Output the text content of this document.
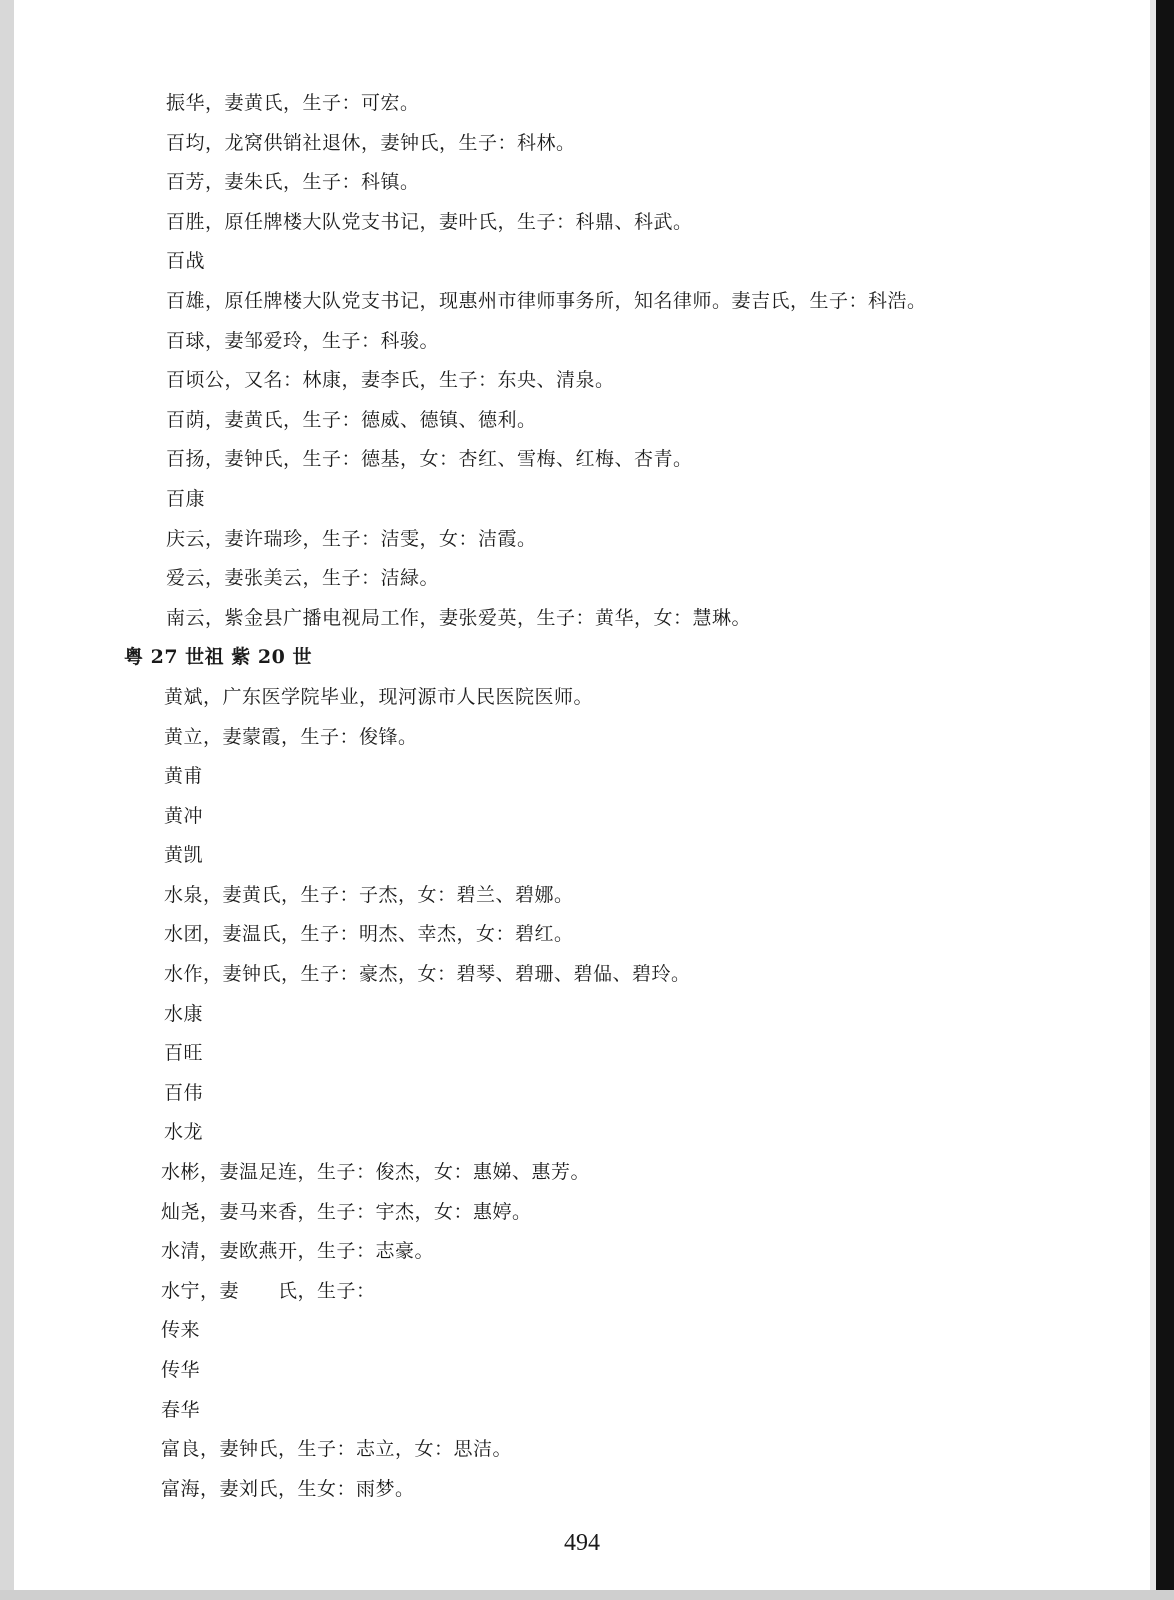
振华，妻黄氏，生子：可宏。
百均，龙窝供销社退休，妻钟氏，生子：科林。
百芳，妻朱氏，生子：科镇。
百胜，原任牌楼大队党支书记，妻叶氏，生子：科鼎、科武。
百战
百雄，原任牌楼大队党支书记，现惠州市律师事务所，知名律师。妻吉氏，生子：科浩。
百球，妻邹爱玲，生子：科骏。
百顷公，又名：林康，妻李氏，生子：东央、清泉。
百荫，妻黄氏，生子：德威、德镇、德利。
百扬，妻钟氏，生子：德基，女：杏红、雪梅、红梅、杏青。
百康
庆云，妻许瑞珍，生子：洁雯，女：洁霞。
爱云，妻张美云，生子：洁緑。
南云，紫金县广播电视局工作，妻张爱英，生子：黄华，女：慧琳。
粤 27 世祖 紫 20 世
黄斌，广东医学院毕业，现河源市人民医院医师。
黄立，妻蒙霞，生子：俊锋。
黄甫
黄冲
黄凯
水泉，妻黄氏，生子：子杰，女：碧兰、碧娜。
水团，妻温氏，生子：明杰、幸杰，女：碧红。
水作，妻钟氏，生子：豪杰，女：碧琴、碧珊、碧偘、碧玲。
水康
百旺
百伟
水龙
水彬，妻温足连，生子：俊杰，女：惠娣、惠芳。
灿尧，妻马来香，生子：宇杰，女：惠婷。
水清，妻欧燕开，生子：志豪。
水宁，妻　　氏，生子：
传来
传华
春华
富良，妻钟氏，生子：志立，女：思洁。
富海，妻刘氏，生女：雨梦。
494
